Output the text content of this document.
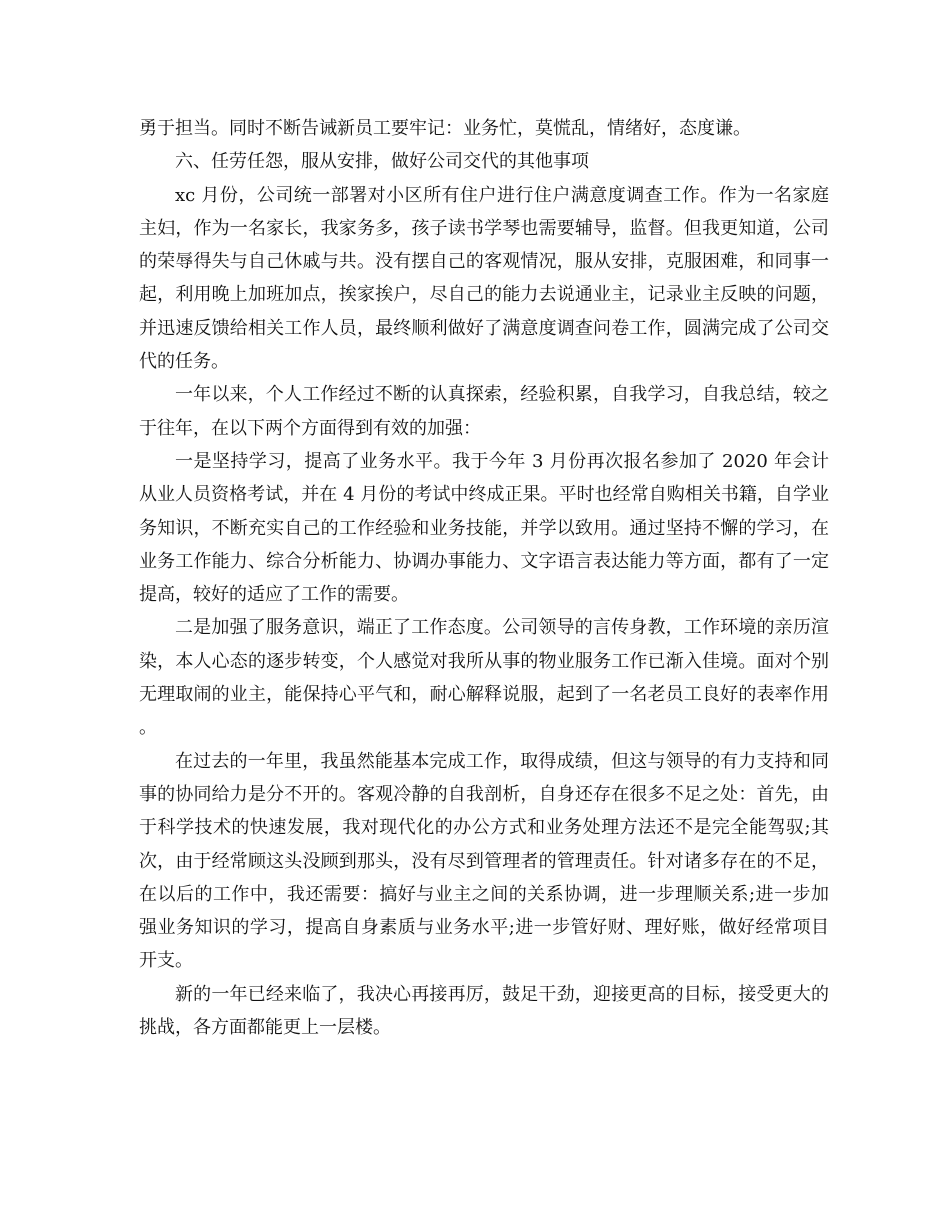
勇于担当。同时不断告诫新员工要牢记：业务忙，莫慌乱，情绪好，态度谦。

六、任劳任怨，服从安排，做好公司交代的其他事项

xc 月份，公司统一部署对小区所有住户进行住户满意度调查工作。作为一名家庭主妇，作为一名家长，我家务多，孩子读书学琴也需要辅导，监督。但我更知道，公司的荣辱得失与自己休戚与共。没有摆自己的客观情况，服从安排，克服困难，和同事一起，利用晚上加班加点，挨家挨户，尽自己的能力去说通业主，记录业主反映的问题，并迅速反馈给相关工作人员，最终顺利做好了满意度调查问卷工作，圆满完成了公司交代的任务。

一年以来，个人工作经过不断的认真探索，经验积累，自我学习，自我总结，较之于往年，在以下两个方面得到有效的加强：

一是坚持学习，提高了业务水平。我于今年 3 月份再次报名参加了 2020 年会计从业人员资格考试，并在 4 月份的考试中终成正果。平时也经常自购相关书籍，自学业务知识，不断充实自己的工作经验和业务技能，并学以致用。通过坚持不懈的学习，在业务工作能力、综合分析能力、协调办事能力、文字语言表达能力等方面，都有了一定提高，较好的适应了工作的需要。

二是加强了服务意识，端正了工作态度。公司领导的言传身教，工作环境的亲历渲染，本人心态的逐步转变，个人感觉对我所从事的物业服务工作已渐入佳境。面对个别无理取闹的业主，能保持心平气和，耐心解释说服，起到了一名老员工良好的表率作用。

在过去的一年里，我虽然能基本完成工作，取得成绩，但这与领导的有力支持和同事的协同给力是分不开的。客观冷静的自我剖析，自身还存在很多不足之处：首先，由于科学技术的快速发展，我对现代化的办公方式和业务处理方法还不是完全能驾驭;其次，由于经常顾这头没顾到那头，没有尽到管理者的管理责任。针对诸多存在的不足，在以后的工作中，我还需要：搞好与业主之间的关系协调，进一步理顺关系;进一步加强业务知识的学习，提高自身素质与业务水平;进一步管好财、理好账，做好经常项目开支。

新的一年已经来临了，我决心再接再厉，鼓足干劲，迎接更高的目标，接受更大的挑战，各方面都能更上一层楼。
